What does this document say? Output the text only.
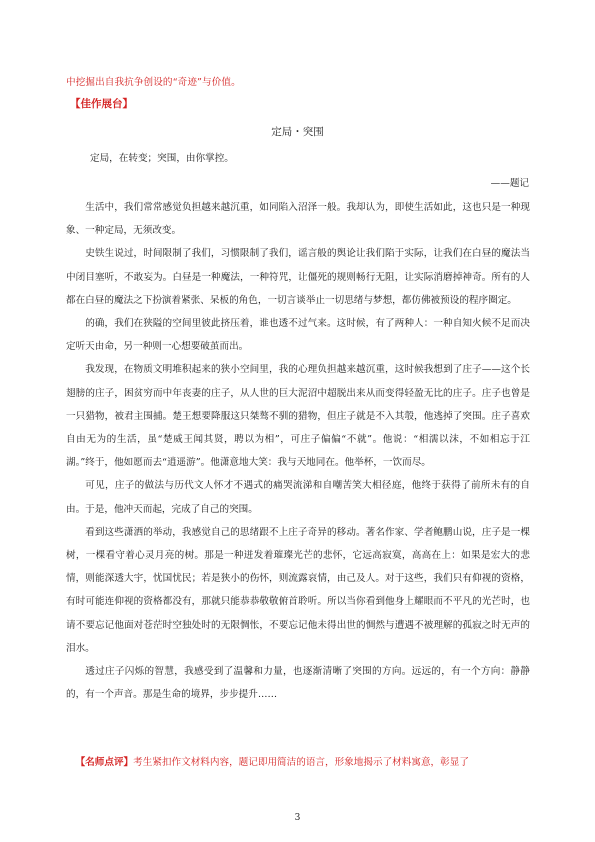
中挖掘出自我抗争创设的“奇迹”与价值。
【佳作展台】
定局・突围
定局，在转变；突围，由你掌控。
——题记

生活中，我们常常感觉负担越来越沉重，如同陷入沼泽一般。我却认为，即使生活如此，这也只是一种现象、一种定局，无须改变。

史铁生说过，时间限制了我们，习惯限制了我们，谣言般的舆论让我们陷于实际，让我们在白昼的魔法当中闭目塞听，不敢妄为。白昼是一种魔法，一种符咒，让僵死的规则畅行无阻，让实际消磨掉神奇。所有的人都在白昼的魔法之下扮演着紧张、呆板的角色，一切言谈举止一切思绪与梦想，都仿佛被预设的程序圈定。

的确，我们在狭隘的空间里彼此挤压着，谁也透不过气来。这时候，有了两种人：一种自知火候不足而决定听天由命，另一种则一心想要破茧而出。

我发现，在物质文明堆积起来的狭小空间里，我的心理负担越来越沉重，这时候我想到了庄子——这个长翅膀的庄子，困贫穷而中年丧妻的庄子，从人世的巨大泥沼中超脱出来从而变得轻盈无比的庄子。庄子也曾是一只猎物，被君主围捕。楚王想要降服这只桀骜不驯的猎物，但庄子就是不入其彀，他逃掉了突围。庄子喜欢自由无为的生活，虽“楚威王闻其贤，聘以为相”，可庄子偏偏“不就”。他说：“相濡以沫，不如相忘于江湖。”终于，他如愿而去“逍遥游”。他潇意地大笑：我与天地同在。他举杯，一饮而尽。

可见，庄子的做法与历代文人怀才不遇式的痛哭流涕和自嘲苦笑大相径庭，他终于获得了前所未有的自由。于是，他冲天而起，完成了自己的突围。

看到这些潇洒的举动，我感觉自己的思绪跟不上庄子奇异的移动。著名作家、学者鲍鹏山说，庄子是一棵树，一棵看守着心灵月亮的树。那是一种迸发着璀璨光芒的悲怀，它远高寂寞，高高在上：如果是宏大的悲情，则能深透大宇，忧国忧民；若是狭小的伤怀，则流露哀情，由己及人。对于这些，我们只有仰视的资格，有时可能连仰视的资格都没有，那就只能恭恭敬敬俯首聆听。所以当你看到他身上耀眼而不平凡的光芒时，也请不要忘记他面对苍茫时空独处时的无限惆怅，不要忘记他未得出世的惆然与遭遇不被理解的孤寂之时无声的泪水。

透过庄子闪烁的智慧，我感受到了温馨和力量，也逐渐清晰了突围的方向。远远的，有一个方向：静静的，有一个声音。那是生命的境界，步步提升……

【名师点评】考生紧扣作文材料内容，题记即用简洁的语言，形象地揭示了材料寓意，彰显了
3
